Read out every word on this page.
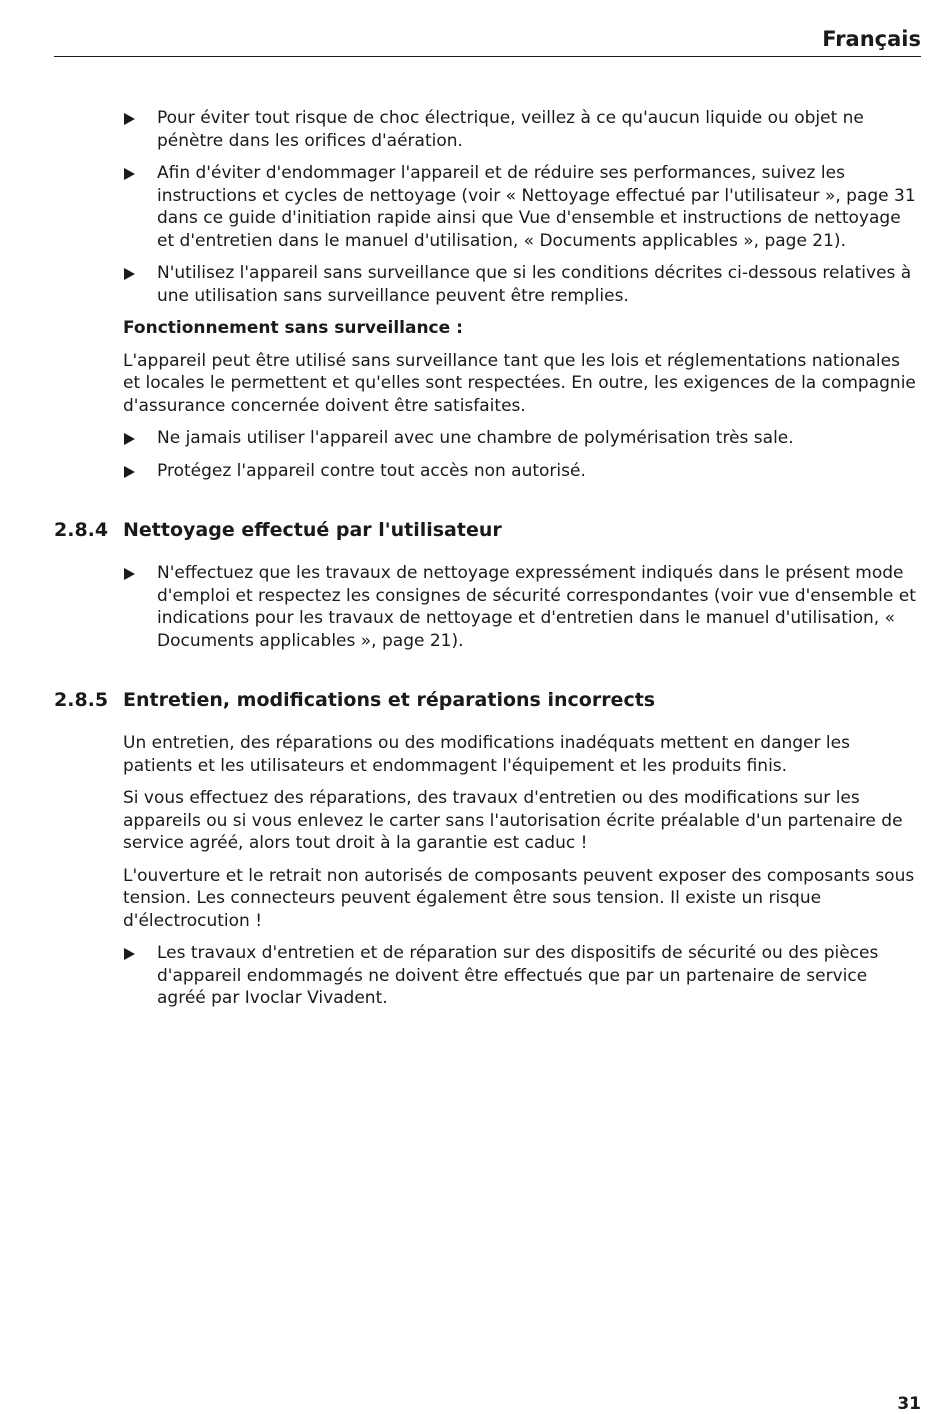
Français
Pour éviter tout risque de choc électrique, veillez à ce qu'aucun liquide ou objet ne pénètre dans les orifices d'aération.
Afin d'éviter d'endommager l'appareil et de réduire ses performances, suivez les instructions et cycles de nettoyage (voir « Nettoyage effectué par l'utilisateur », page 31 dans ce guide d'initiation rapide ainsi que Vue d'ensemble et instructions de nettoyage et d'entretien dans le manuel d'utilisation, « Documents applicables », page 21).
N'utilisez l'appareil sans surveillance que si les conditions décrites ci-dessous relatives à une utilisation sans surveillance peuvent être remplies.
Fonctionnement sans surveillance :
L'appareil peut être utilisé sans surveillance tant que les lois et réglementations nationales et locales le permettent et qu'elles sont respectées. En outre, les exigences de la compagnie d'assurance concernée doivent être satisfaites.
Ne jamais utiliser l'appareil avec une chambre de polymérisation très sale.
Protégez l'appareil contre tout accès non autorisé.
2.8.4 Nettoyage effectué par l'utilisateur
N'effectuez que les travaux de nettoyage expressément indiqués dans le présent mode d'emploi et respectez les consignes de sécurité correspondantes (voir vue d'ensemble et indications pour les travaux de nettoyage et d'entretien dans le manuel d'utilisation, « Documents applicables », page 21).
2.8.5 Entretien, modifications et réparations incorrects
Un entretien, des réparations ou des modifications inadéquats mettent en danger les patients et les utilisateurs et endommagent l'équipement et les produits finis.
Si vous effectuez des réparations, des travaux d'entretien ou des modifications sur les appareils ou si vous enlevez le carter sans l'autorisation écrite préalable d'un partenaire de service agréé, alors tout droit à la garantie est caduc !
L'ouverture et le retrait non autorisés de composants peuvent exposer des composants sous tension. Les connecteurs peuvent également être sous tension. Il existe un risque d'électrocution !
Les travaux d'entretien et de réparation sur des dispositifs de sécurité ou des pièces d'appareil endommagés ne doivent être effectués que par un partenaire de service agréé par Ivoclar Vivadent.
31
